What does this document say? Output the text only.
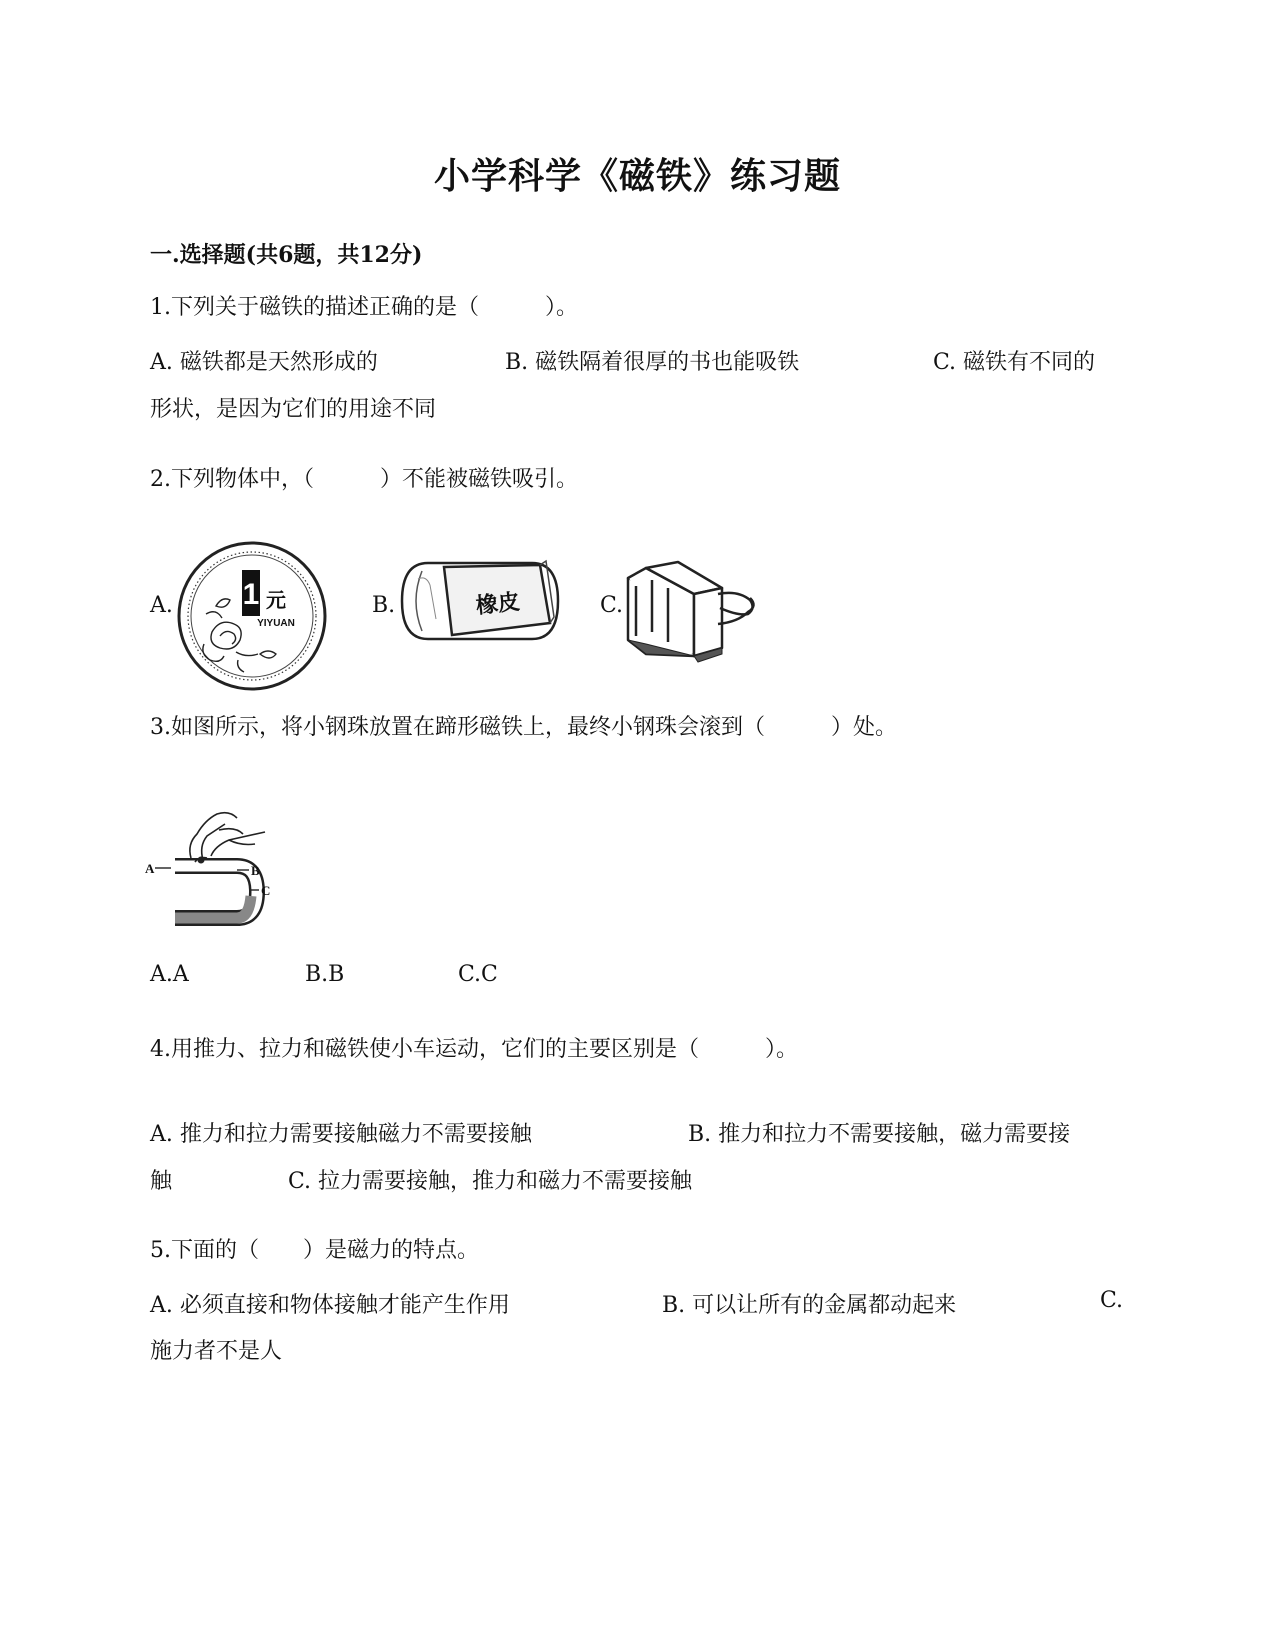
小学科学《磁铁》练习题
一.选择题(共6题，共12分)
1.下列关于磁铁的描述正确的是（　　　）。
A. 磁铁都是天然形成的	B. 磁铁隔着很厚的书也能吸铁	C. 磁铁有不同的
形状，是因为它们的用途不同
2.下列物体中，（　　　）不能被磁铁吸引。
A.	B.	C.
1 元
YIYUAN
橡皮
3.如图所示，将小钢珠放置在蹄形磁铁上，最终小钢珠会滚到（　　　）处。
A	B
C
A.A	B.B	C.C
4.用推力、拉力和磁铁使小车运动，它们的主要区别是（　　　）。
A. 推力和拉力需要接触磁力不需要接触	B. 推力和拉力不需要接触，磁力需要接
触	C. 拉力需要接触，推力和磁力不需要接触
5.下面的（　　）是磁力的特点。
A. 必须直接和物体接触才能产生作用	B. 可以让所有的金属都动起来	C.
施力者不是人
